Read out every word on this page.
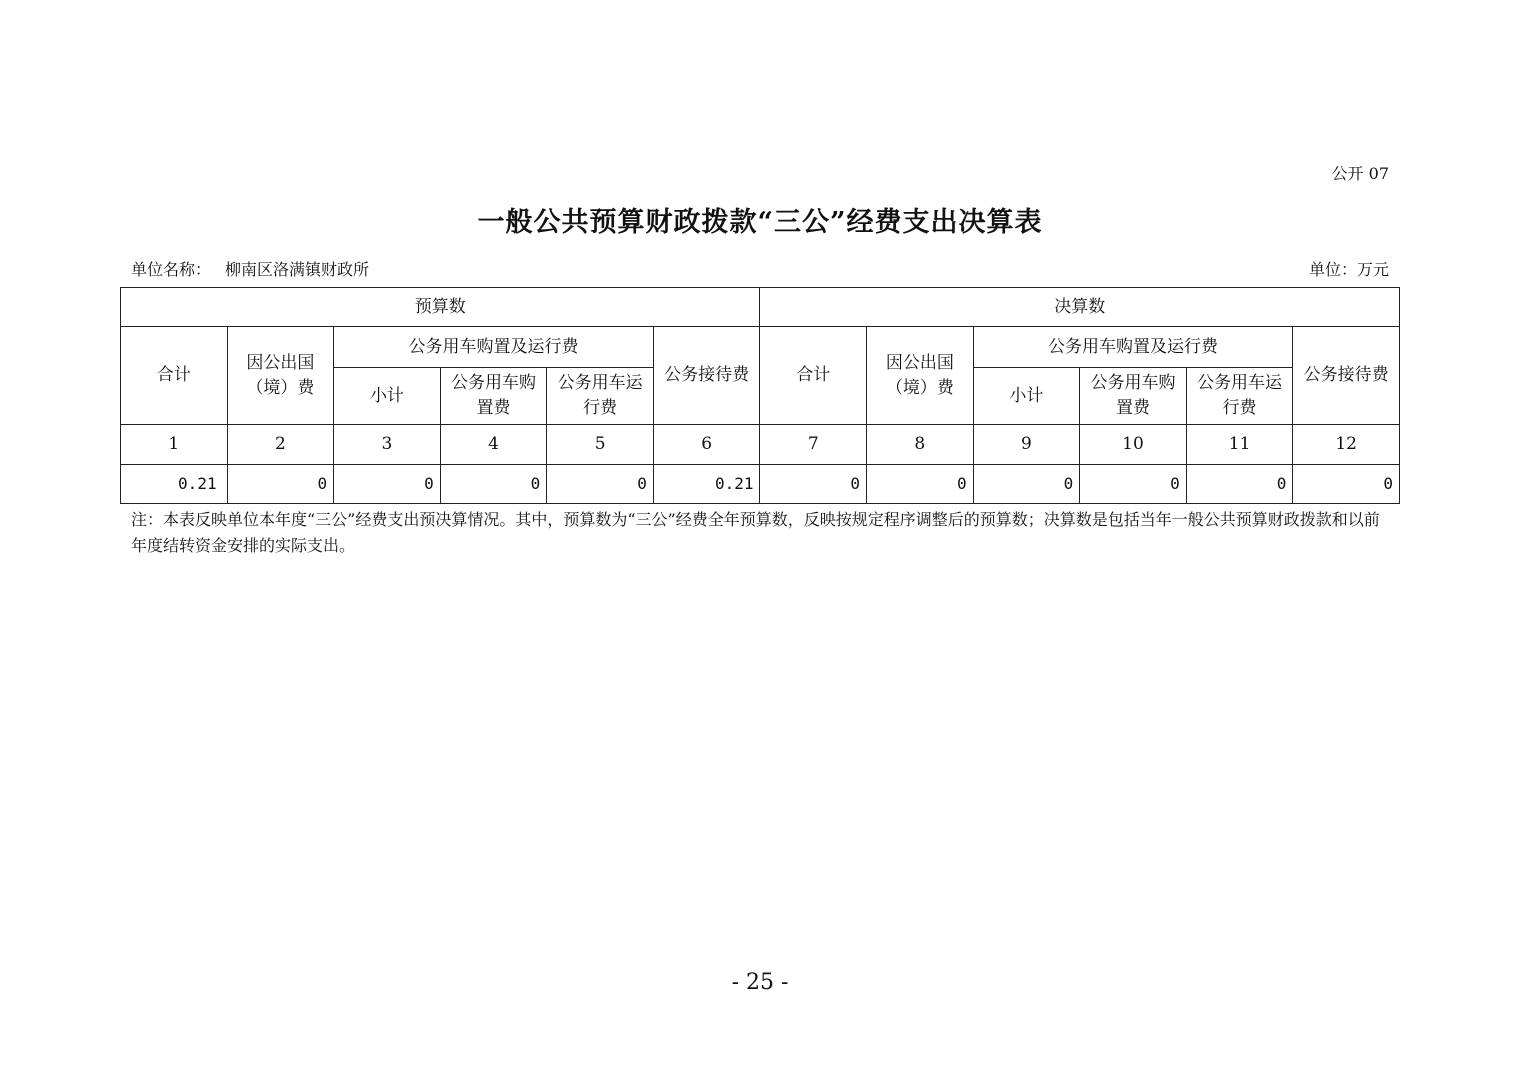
公开 07
一般公共预算财政拨款“三公”经费支出决算表
单位名称： 柳南区洛满镇财政所	单位：万元
预算数						决算数					
合计	因公出国（境）费	公务用车购置及运行费			公务接待费	合计	因公出国（境）费	公务用车购置及运行费			公务接待费
		小计	公务用车购置费	公务用车运行费				小计	公务用车购置费	公务用车运行费	
1	2	3	4	5	6	7	8	9	10	11	12
0.21	0	0	0	0	0.21	0	0	0	0	0	0
注：本表反映单位本年度“三公”经费支出预决算情况。其中，预算数为“三公”经费全年预算数，反映按规定程序调整后的预算数；决算数是包括当年一般公共预算财政拨款和以前年度结转资金安排的实际支出。
- 25 -
